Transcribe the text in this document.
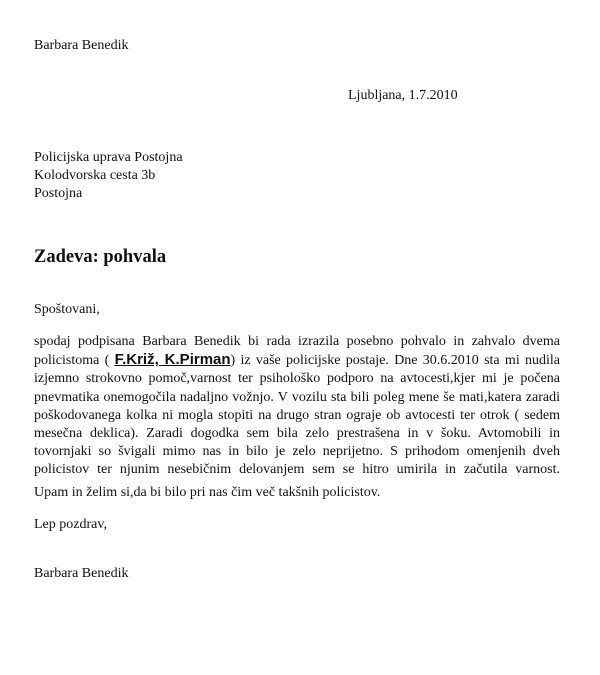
Barbara Benedik

Ljubljana, 1.7.2010

Policijska uprava Postojna

Kolodvorska cesta 3b

Postojna

Zadeva: pohvala

Spoštovani,

spodaj podpisana Barbara Benedik bi rada izrazila posebno pohvalo in zahvalo dvema policistoma ( F.Križ, K.Pirman) iz vaše policijske postaje. Dne 30.6.2010 sta mi nudila izjemno strokovno pomoč,varnost ter psihološko podporo na avtocesti,kjer mi je počena pnevmatika onemogočila nadaljno vožnjo. V vozilu sta bili poleg mene še mati,katera zaradi poškodovanega kolka ni mogla stopiti na drugo stran ograje ob avtocesti ter otrok ( sedem mesečna deklica). Zaradi dogodka sem bila zelo prestrašena in v šoku. Avtomobili in tovornjaki so švigali mimo nas in bilo je zelo neprijetno. S prihodom omenjenih dveh policistov ter njunim nesebičnim delovanjem sem se hitro umirila in začutila varnost.

Upam in želim si,da bi bilo pri nas čim več takšnih policistov.

Lep pozdrav,

Barbara Benedik
